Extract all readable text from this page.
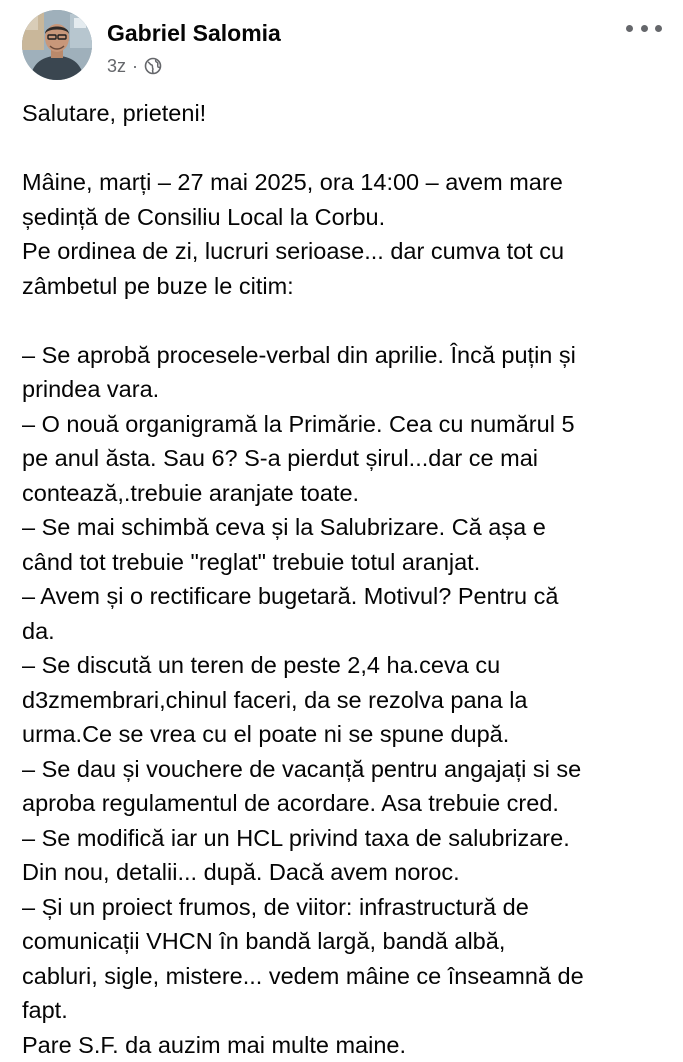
Gabriel Salomia
3z ·
Salutare, prieteni!
Mâine, marți – 27 mai 2025, ora 14:00 – avem mare
ședință de Consiliu Local la Corbu.
Pe ordinea de zi, lucruri serioase... dar cumva tot cu
zâmbetul pe buze le citim:
– Se aprobă procesele-verbal din aprilie. Încă puțin și
prindea vara.
– O nouă organigramă la Primărie. Cea cu numărul 5
pe anul ăsta. Sau 6? S-a pierdut șirul...dar ce mai
contează,.trebuie aranjate toate.
– Se mai schimbă ceva și la Salubrizare. Că așa e
când tot trebuie "reglat" trebuie totul aranjat.
– Avem și o rectificare bugetară. Motivul? Pentru că
da.
– Se discută un teren de peste 2,4 ha.ceva cu
d3zmembrari,chinul faceri, da se rezolva pana la
urma.Ce se vrea cu el poate ni se spune după.
– Se dau și vouchere de vacanță pentru angajați si se
aproba regulamentul de acordare. Asa trebuie cred.
– Se modifică iar un HCL privind taxa de salubrizare.
Din nou, detalii... după. Dacă avem noroc.
– Și un proiect frumos, de viitor: infrastructură de
comunicații VHCN în bandă largă, bandă albă,
cabluri, sigle, mistere... vedem mâine ce înseamnă de
fapt.
Pare S.F. da auzim mai multe maine.
